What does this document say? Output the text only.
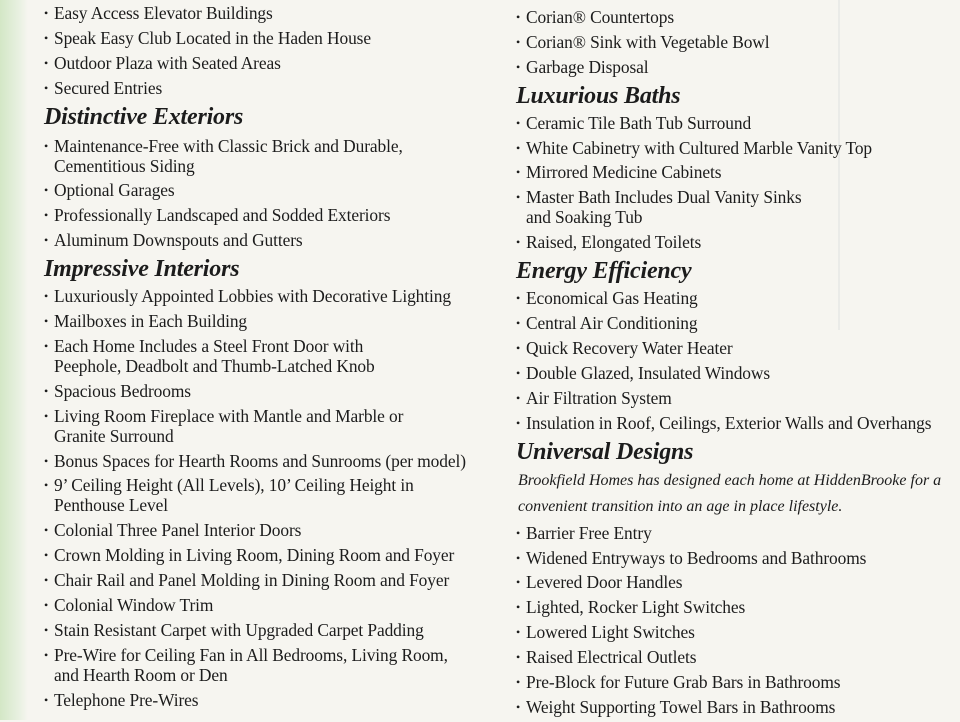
• Easy Access Elevator Buildings
• Speak Easy Club Located in the Haden House
• Outdoor Plaza with Seated Areas
• Secured Entries
Distinctive Exteriors
• Maintenance-Free with Classic Brick and Durable,
Cementitious Siding
• Optional Garages
• Professionally Landscaped and Sodded Exteriors
• Aluminum Downspouts and Gutters
Impressive Interiors
• Luxuriously Appointed Lobbies with Decorative Lighting
• Mailboxes in Each Building
• Each Home Includes a Steel Front Door with
Peephole, Deadbolt and Thumb-Latched Knob
• Spacious Bedrooms
• Living Room Fireplace with Mantle and Marble or
Granite Surround
• Bonus Spaces for Hearth Rooms and Sunrooms (per model)
• 9’ Ceiling Height (All Levels), 10’ Ceiling Height in
Penthouse Level
• Colonial Three Panel Interior Doors
• Crown Molding in Living Room, Dining Room and Foyer
• Chair Rail and Panel Molding in Dining Room and Foyer
• Colonial Window Trim
• Stain Resistant Carpet with Upgraded Carpet Padding
• Pre-Wire for Ceiling Fan in All Bedrooms, Living Room,
and Hearth Room or Den
• Telephone Pre-Wires
• Corian® Countertops
• Corian® Sink with Vegetable Bowl
• Garbage Disposal
Luxurious Baths
• Ceramic Tile Bath Tub Surround
• White Cabinetry with Cultured Marble Vanity Top
• Mirrored Medicine Cabinets
• Master Bath Includes Dual Vanity Sinks
and Soaking Tub
• Raised, Elongated Toilets
Energy Efficiency
• Economical Gas Heating
• Central Air Conditioning
• Quick Recovery Water Heater
• Double Glazed, Insulated Windows
• Air Filtration System
• Insulation in Roof, Ceilings, Exterior Walls and Overhangs
Universal Designs

Brookfield Homes has designed each home at HiddenBrooke for a

convenient transition into an age in place lifestyle.

• Barrier Free Entry
• Widened Entryways to Bedrooms and Bathrooms
• Levered Door Handles
• Lighted, Rocker Light Switches
• Lowered Light Switches
• Raised Electrical Outlets
• Pre-Block for Future Grab Bars in Bathrooms
• Weight Supporting Towel Bars in Bathrooms
